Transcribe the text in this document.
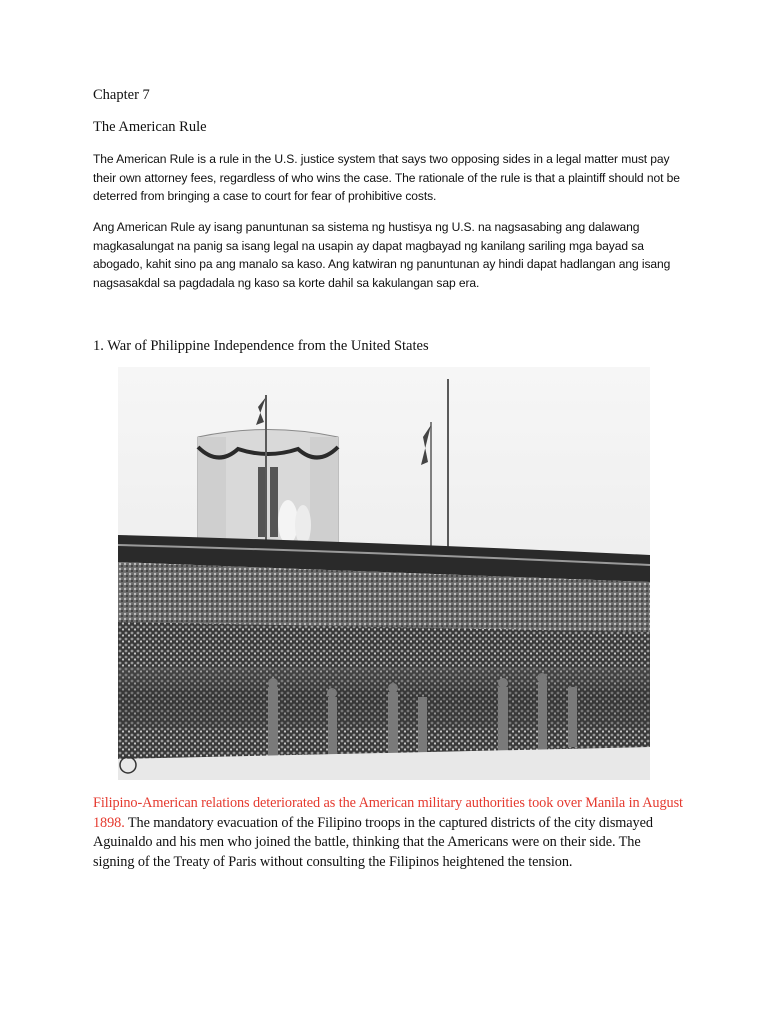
Chapter 7
The American Rule
The American Rule is a rule in the U.S. justice system that says two opposing sides in a legal matter must pay their own attorney fees, regardless of who wins the case. The rationale of the rule is that a plaintiff should not be deterred from bringing a case to court for fear of prohibitive costs.
Ang American Rule ay isang panuntunan sa sistema ng hustisya ng U.S. na nagsasabing ang dalawang magkasalungat na panig sa isang legal na usapin ay dapat magbayad ng kanilang sariling mga bayad sa abogado, kahit sino pa ang manalo sa kaso. Ang katwiran ng panuntunan ay hindi dapat hadlangan ang isang nagsasakdal sa pagdadala ng kaso sa korte dahil sa kakulangan sap era.
1. War of Philippine Independence from the United States
Filipino-American relations deteriorated as the American military authorities took over Manila in August 1898. The mandatory evacuation of the Filipino troops in the captured districts of the city dismayed Aguinaldo and his men who joined the battle, thinking that the Americans were on their side. The signing of the Treaty of Paris without consulting the Filipinos heightened the tension.
